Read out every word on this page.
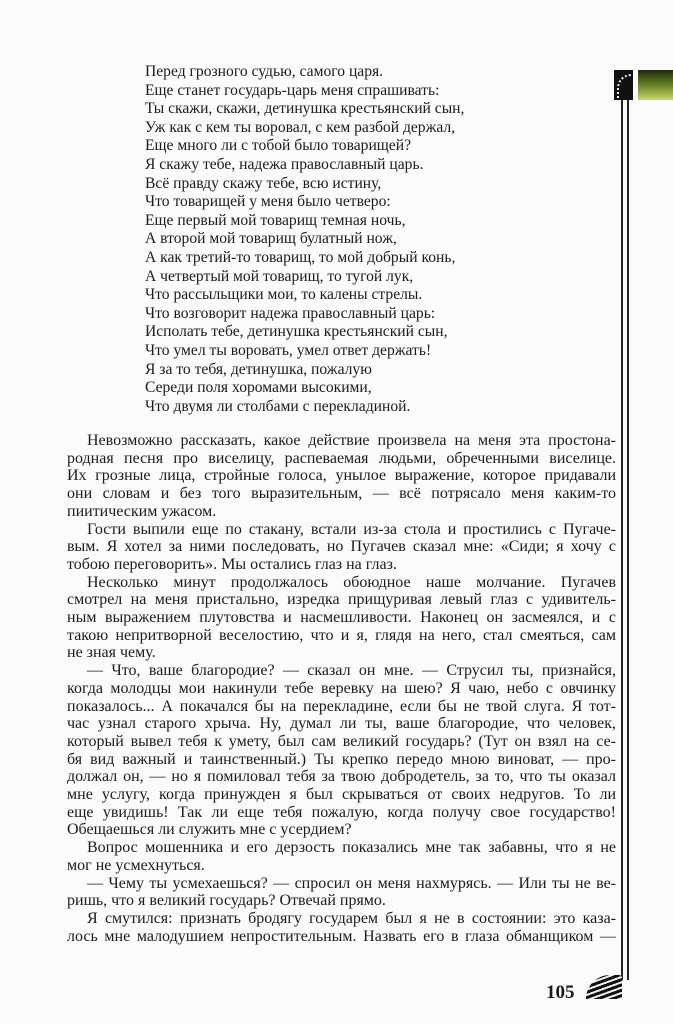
Перед грозного судью, самого царя.
Еще станет государь-царь меня спрашивать:
Ты скажи, скажи, детинушка крестьянский сын,
Уж как с кем ты воровал, с кем разбой держал,
Еще много ли с тобой было товарищей?
Я скажу тебе, надежа православный царь.
Всё правду скажу тебе, всю истину,
Что товарищей у меня было четверо:
Еще первый мой товарищ темная ночь,
А второй мой товарищ булатный нож,
А как третий-то товарищ, то мой добрый конь,
А четвертый мой товарищ, то тугой лук,
Что рассыльщики мои, то калены стрелы.
Что возговорит надежа православный царь:
Исполать тебе, детинушка крестьянский сын,
Что умел ты воровать, умел ответ держать!
Я за то тебя, детинушка, пожалую
Середи поля хоромами высокими,
Что двумя ли столбами с перекладиной.
Невозможно рассказать, какое действие произвела на меня эта простона-
родная песня про виселицу, распеваемая людьми, обреченными виселице.
Их грозные лица, стройные голоса, унылое выражение, которое придавали
они словам и без того выразительным, — всё потрясало меня каким-то
пиитическим ужасом.
Гости выпили еще по стакану, встали из-за стола и простились с Пугаче-
вым. Я хотел за ними последовать, но Пугачев сказал мне: «Сиди; я хочу с
тобою переговорить». Мы остались глаз на глаз.
Несколько минут продолжалось обоюдное наше молчание. Пугачев
смотрел на меня пристально, изредка прищуривая левый глаз с удивитель-
ным выражением плутовства и насмешливости. Наконец он засмеялся, и с
такою непритворной веселостию, что и я, глядя на него, стал смеяться, сам
не зная чему.
— Что, ваше благородие? — сказал он мне. — Струсил ты, признайся,
когда молодцы мои накинули тебе веревку на шею? Я чаю, небо с овчинку
показалось... А покачался бы на перекладине, если бы не твой слуга. Я тот-
час узнал старого хрыча. Ну, думал ли ты, ваше благородие, что человек,
который вывел тебя к умету, был сам великий государь? (Тут он взял на се-
бя вид важный и таинственный.) Ты крепко передо мною виноват, — про-
должал он, — но я помиловал тебя за твою добродетель, за то, что ты оказал
мне услугу, когда принужден я был скрываться от своих недругов. То ли
еще увидишь! Так ли еще тебя пожалую, когда получу свое государство!
Обещаешься ли служить мне с усердием?
Вопрос мошенника и его дерзость показались мне так забавны, что я не
мог не усмехнуться.
— Чему ты усмехаешься? — спросил он меня нахмурясь. — Или ты не ве-
ришь, что я великий государь? Отвечай прямо.
Я смутился: признать бродягу государем был я не в состоянии: это каза-
лось мне малодушием непростительным. Назвать его в глаза обманщиком —
105
